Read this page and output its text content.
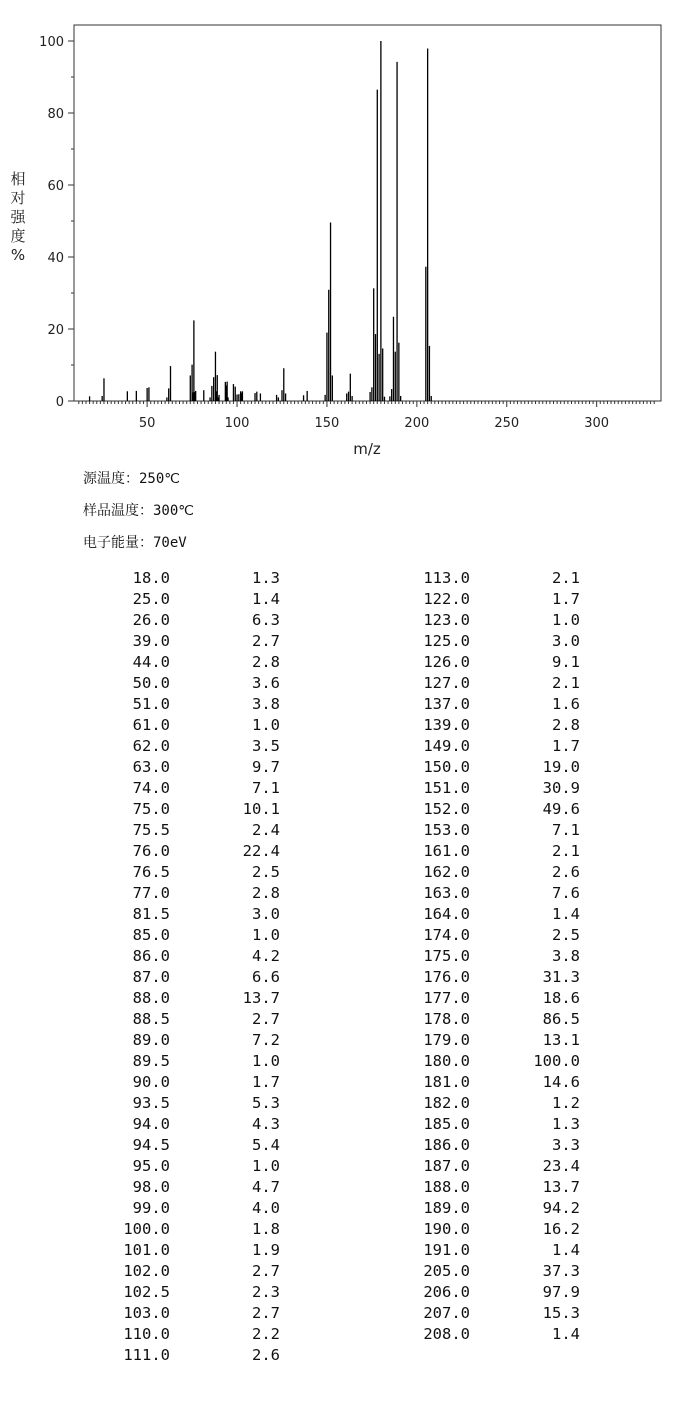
50	100	150	200	250	300
0
20
40
60
80
100
m/z
相
对
强
度
%
源温度：250℃
样品温度：300℃
电子能量：70eV
18.0	1.3
25.0	1.4
26.0	6.3
39.0	2.7
44.0	2.8
50.0	3.6
51.0	3.8
61.0	1.0
62.0	3.5
63.0	9.7
74.0	7.1
75.0	10.1
75.5	2.4
76.0	22.4
76.5	2.5
77.0	2.8
81.5	3.0
85.0	1.0
86.0	4.2
87.0	6.6
88.0	13.7
88.5	2.7
89.0	7.2
89.5	1.0
90.0	1.7
93.5	5.3
94.0	4.3
94.5	5.4
95.0	1.0
98.0	4.7
99.0	4.0
100.0	1.8
101.0	1.9
102.0	2.7
102.5	2.3
103.0	2.7
110.0	2.2
111.0	2.6
113.0	2.1
122.0	1.7
123.0	1.0
125.0	3.0
126.0	9.1
127.0	2.1
137.0	1.6
139.0	2.8
149.0	1.7
150.0	19.0
151.0	30.9
152.0	49.6
153.0	7.1
161.0	2.1
162.0	2.6
163.0	7.6
164.0	1.4
174.0	2.5
175.0	3.8
176.0	31.3
177.0	18.6
178.0	86.5
179.0	13.1
180.0	100.0
181.0	14.6
182.0	1.2
185.0	1.3
186.0	3.3
187.0	23.4
188.0	13.7
189.0	94.2
190.0	16.2
191.0	1.4
205.0	37.3
206.0	97.9
207.0	15.3
208.0	1.4
